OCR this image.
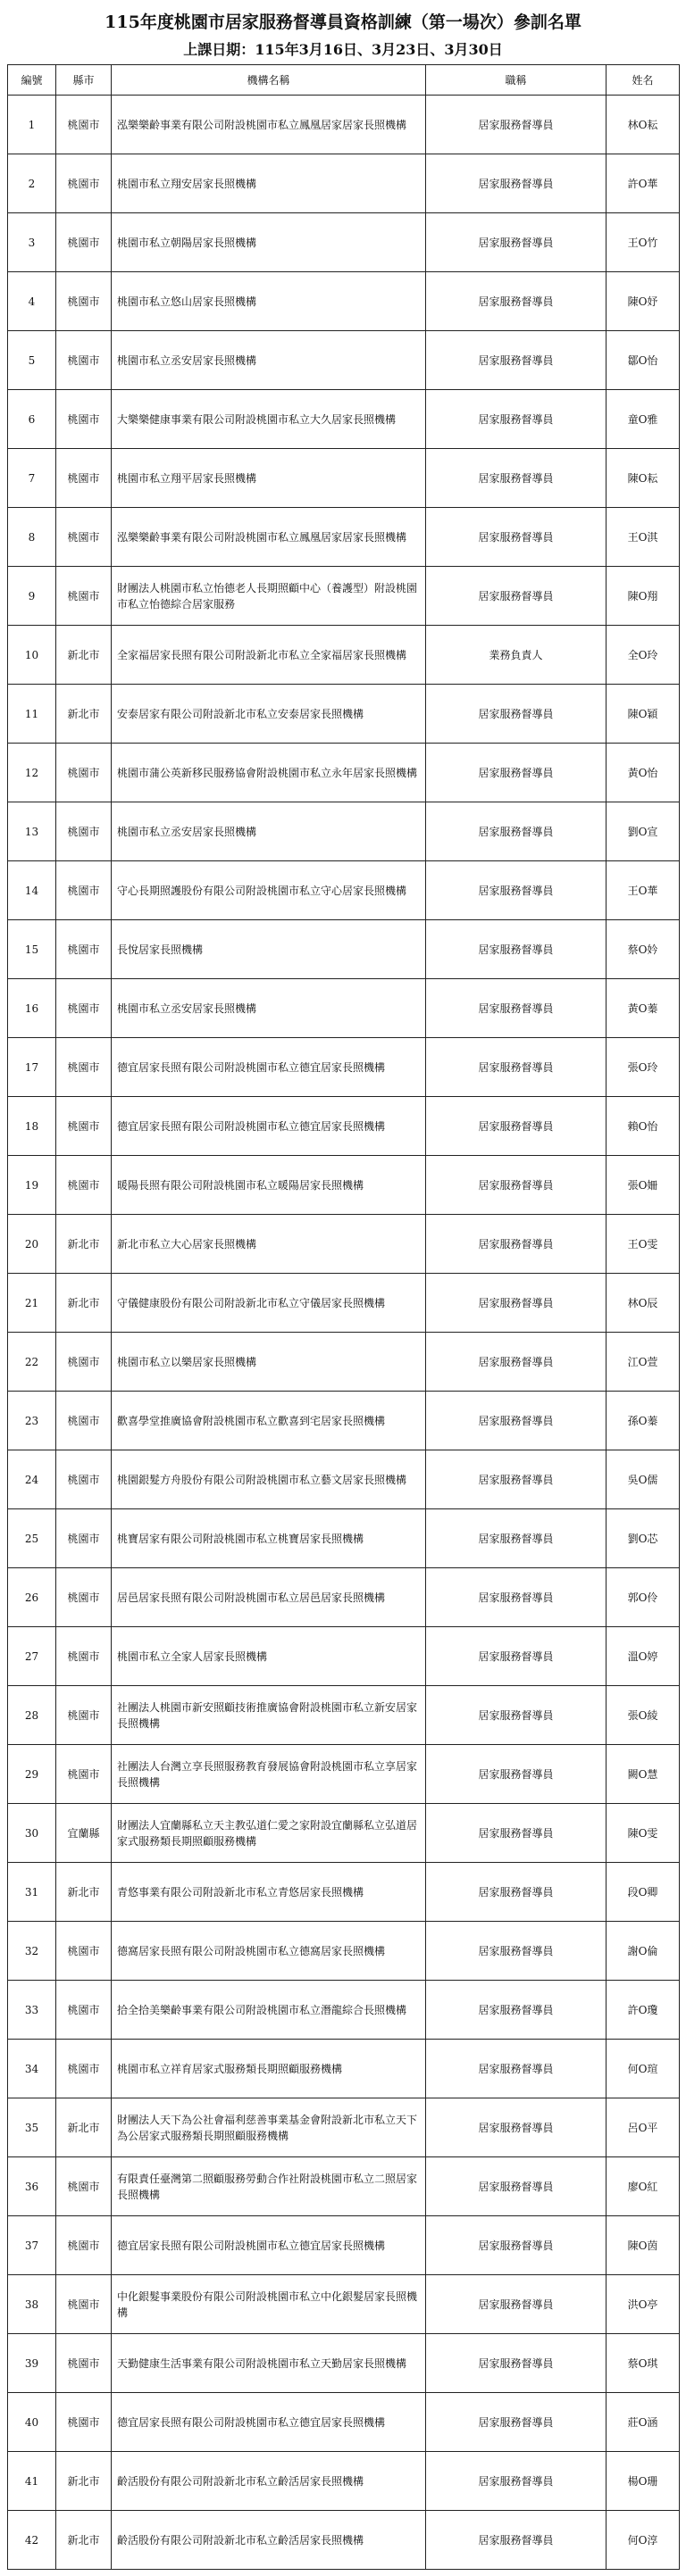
115年度桃園市居家服務督導員資格訓練（第一場次）參訓名單
上課日期：115年3月16日、3月23日、3月30日
編號	縣市	機構名稱	職稱	姓名
1	桃園市	泓樂樂齡事業有限公司附設桃園市私立鳳凰居家居家長照機構	居家服務督導員	林O耘
2	桃園市	桃園市私立翔安居家長照機構	居家服務督導員	許O華
3	桃園市	桃園市私立朝陽居家長照機構	居家服務督導員	王O竹
4	桃園市	桃園市私立悠山居家長照機構	居家服務督導員	陳O妤
5	桃園市	桃園市私立丞安居家長照機構	居家服務督導員	鄒O怡
6	桃園市	大樂樂健康事業有限公司附設桃園市私立大久居家長照機構	居家服務督導員	童O雅
7	桃園市	桃園市私立翔平居家長照機構	居家服務督導員	陳O耘
8	桃園市	泓樂樂齡事業有限公司附設桃園市私立鳳凰居家居家長照機構	居家服務督導員	王O淇
9	桃園市	財團法人桃園市私立怡德老人長期照顧中心（養護型）附設桃園市私立怡德綜合居家服務	居家服務督導員	陳O翔
10	新北市	全家福居家長照有限公司附設新北市私立全家福居家長照機構	業務負責人	全O玲
11	新北市	安泰居家有限公司附設新北市私立安泰居家長照機構	居家服務督導員	陳O穎
12	桃園市	桃園市蒲公英新移民服務協會附設桃園市私立永年居家長照機構	居家服務督導員	黃O怡
13	桃園市	桃園市私立丞安居家長照機構	居家服務督導員	劉O宣
14	桃園市	守心長期照護股份有限公司附設桃園市私立守心居家長照機構	居家服務督導員	王O華
15	桃園市	長悅居家長照機構	居家服務督導員	蔡O妗
16	桃園市	桃園市私立丞安居家長照機構	居家服務督導員	黃O蓁
17	桃園市	德宜居家長照有限公司附設桃園市私立德宜居家長照機構	居家服務督導員	張O玲
18	桃園市	德宜居家長照有限公司附設桃園市私立德宜居家長照機構	居家服務督導員	賴O怡
19	桃園市	暖陽長照有限公司附設桃園市私立暖陽居家長照機構	居家服務督導員	張O姍
20	新北市	新北市私立大心居家長照機構	居家服務督導員	王O雯
21	新北市	守儀健康股份有限公司附設新北市私立守儀居家長照機構	居家服務督導員	林O辰
22	桃園市	桃園市私立以樂居家長照機構	居家服務督導員	江O萱
23	桃園市	歡喜學堂推廣協會附設桃園市私立歡喜到宅居家長照機構	居家服務督導員	孫O蓁
24	桃園市	桃園銀髮方舟股份有限公司附設桃園市私立藝文居家長照機構	居家服務督導員	吳O儒
25	桃園市	桃寶居家有限公司附設桃園市私立桃寶居家長照機構	居家服務督導員	劉O芯
26	桃園市	居邑居家長照有限公司附設桃園市私立居邑居家長照機構	居家服務督導員	郭O伶
27	桃園市	桃園市私立全家人居家長照機構	居家服務督導員	溫O婷
28	桃園市	社團法人桃園市新安照顧技術推廣協會附設桃園市私立新安居家長照機構	居家服務督導員	張O綾
29	桃園市	社團法人台灣立享長照服務教育發展協會附設桃園市私立享居家長照機構	居家服務督導員	闕O慧
30	宜蘭縣	財團法人宜蘭縣私立天主教弘道仁愛之家附設宜蘭縣私立弘道居家式服務類長期照顧服務機構	居家服務督導員	陳O雯
31	新北市	青悠事業有限公司附設新北市私立青悠居家長照機構	居家服務督導員	段O卿
32	桃園市	德窩居家長照有限公司附設桃園市私立德窩居家長照機構	居家服務督導員	謝O倫
33	桃園市	拾全拾美樂齡事業有限公司附設桃園市私立潛龍綜合長照機構	居家服務督導員	許O瓊
34	桃園市	桃園市私立祥育居家式服務類長期照顧服務機構	居家服務督導員	何O瑄
35	新北市	財團法人天下為公社會福利慈善事業基金會附設新北市私立天下為公居家式服務類長期照顧服務機構	居家服務督導員	呂O平
36	桃園市	有限責任臺灣第二照顧服務勞動合作社附設桃園市私立二照居家長照機構	居家服務督導員	廖O紅
37	桃園市	德宜居家長照有限公司附設桃園市私立德宜居家長照機構	居家服務督導員	陳O茵
38	桃園市	中化銀髮事業股份有限公司附設桃園市私立中化銀髮居家長照機構	居家服務督導員	洪O亭
39	桃園市	天勤健康生活事業有限公司附設桃園市私立天勤居家長照機構	居家服務督導員	蔡O琪
40	桃園市	德宜居家長照有限公司附設桃園市私立德宜居家長照機構	居家服務督導員	莊O涵
41	新北市	齡活股份有限公司附設新北市私立齡活居家長照機構	居家服務督導員	楊O珊
42	新北市	齡活股份有限公司附設新北市私立齡活居家長照機構	居家服務督導員	何O淳
